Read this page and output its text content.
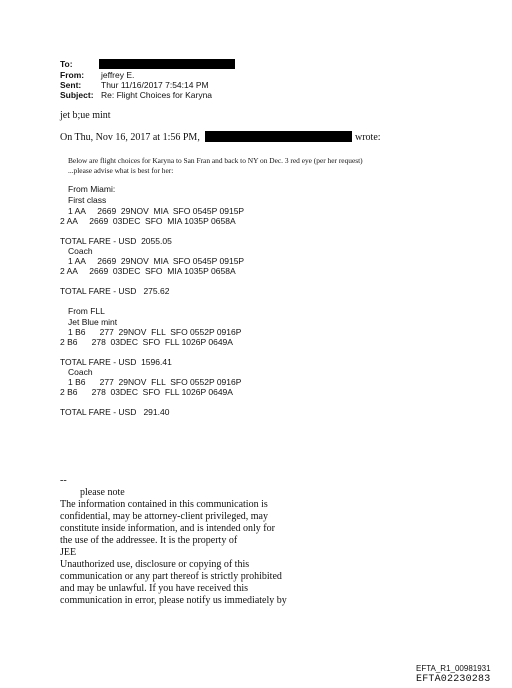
To:
From: jeffrey E.
Sent: Thur 11/16/2017 7:54:14 PM
Subject: Re: Flight Choices for Karyna
jet b;ue mint
On Thu, Nov 16, 2017 at 1:56 PM,	wrote:
Below are flight choices for Karyna to San Fran and back to NY on Dec. 3 red eye (per her request)
...please advise what is best for her:
From Miami:
First class
1 AA     2669  29NOV  MIA  SFO 0545P 0915P
2 AA     2669  03DEC  SFO  MIA 1035P 0658A
TOTAL FARE - USD  2055.05
Coach
1 AA     2669  29NOV  MIA  SFO 0545P 0915P
2 AA     2669  03DEC  SFO  MIA 1035P 0658A
TOTAL FARE - USD   275.62
From FLL
Jet Blue mint
1 B6      277  29NOV  FLL  SFO 0552P 0916P
2 B6      278  03DEC  SFO  FLL 1026P 0649A
TOTAL FARE - USD  1596.41
Coach
1 B6      277  29NOV  FLL  SFO 0552P 0916P
2 B6      278  03DEC  SFO  FLL 1026P 0649A
TOTAL FARE - USD   291.40
--
please note
The information contained in this communication is
confidential, may be attorney-client privileged, may
constitute inside information, and is intended only for
the use of the addressee. It is the property of
JEE
Unauthorized use, disclosure or copying of this
communication or any part thereof is strictly prohibited
and may be unlawful. If you have received this
communication in error, please notify us immediately by
EFTA_R1_00981931
EFTA02230283
